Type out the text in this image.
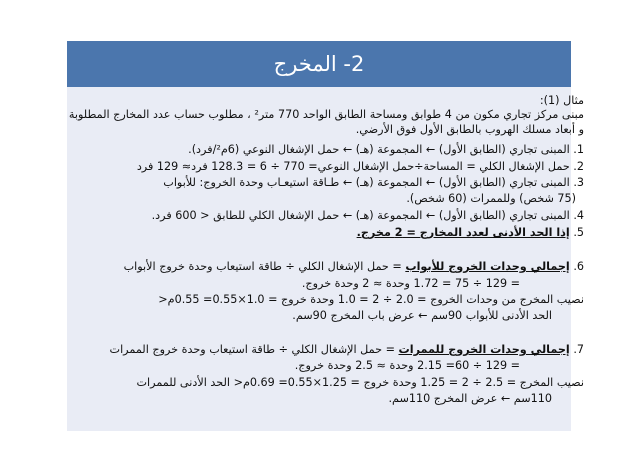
2- المخرج
مثال (1):
مبنى مركز تجاري مكون من 4 طوابق ومساحة الطابق الواحد 770 متر² ، مطلوب حساب عدد المخارج المطلوبة
و أبعاد مسلك الهروب بالطابق الأول فوق الأرضي.
1. المبنى تجاري (الطابق الأول) ← المجموعة (هـ) ← حمل الإشغال النوعي (6م²/فرد).
2. حمل الإشغال الكلي = المساحة÷حمل الإشغال النوعي= 770 ÷ 6 = 128.3 فرد≈ 129 فرد
3. المبنى تجاري (الطابق الأول) ← المجموعة (هـ) ← طـاقة استيعـاب وحدة الخروج: للأبواب
(75 شخص) وللممرات (60 شخص).
4. المبنى تجاري (الطابق الأول) ← المجموعة (هـ) ← حمل الإشغال الكلي للطابق < 600 فرد.
5. إذا الحد الأدنى لعدد المخارج = 2 مخرج.
6. إجمالي وحدات الخروج للأبواب = حمل الإشغال الكلي ÷ طاقة استيعاب وحدة خروج الأبواب
= 129 ÷ 75 = 1.72 وحدة ≈ 2 وحدة خروج.
نصيب المخرج من وحدات الخروج = 2.0 ÷ 2 = 1.0 وحدة خروج = 1.0×0.55= 0.55م<
الحد الأدنى للأبواب 90سم ← عرض باب المخرج 90سم.
7. إجمالي وحدات الخروج للممرات = حمل الإشغال الكلي ÷ طاقة استيعاب وحدة خروج الممرات
= 129 ÷ 60= 2.15 وحدة ≈ 2.5 وحدة خروج.
نصيب المخرج = 2.5 ÷ 2 = 1.25 وحدة خروج = 1.25×0.55= 0.69م< الحد الأدنى للممرات
110سم ← عرض المخرج 110سم.
